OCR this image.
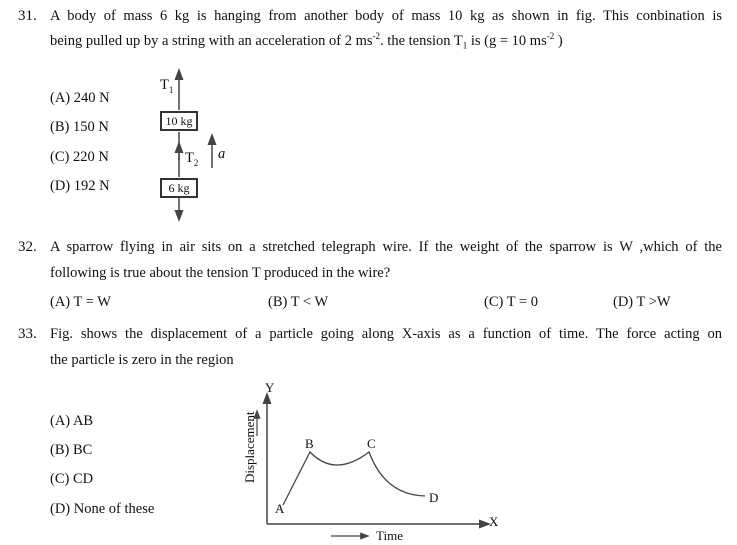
31. A body of mass 6 kg is hanging from another body of mass 10 kg as shown in fig. This conbination is
being pulled up by a string with an acceleration of 2 $ms^{-2}$. the tension $T_1$ is (g = 10 $ms^{-2}$ )
(A) 240 N
(B) 150 N
(C) 220 N
(D) 192 N
$T_1$
10 kg
$T_2$
a
6 kg
32. A sparrow flying in air sits on a stretched telegraph wire. If the weight of the sparrow is W ,which of the
following is true about the tension T produced in the wire?
(A) T = W	(B) T < W	(C) T = 0	(D) T >W
33. Fig. shows the displacement of a particle going along X-axis as a function of time. The force acting on
the particle is zero in the region
(A) AB
(B) BC
(C) CD
(D) None of these
Displacement
Y
X
Time
A
B	C
D
